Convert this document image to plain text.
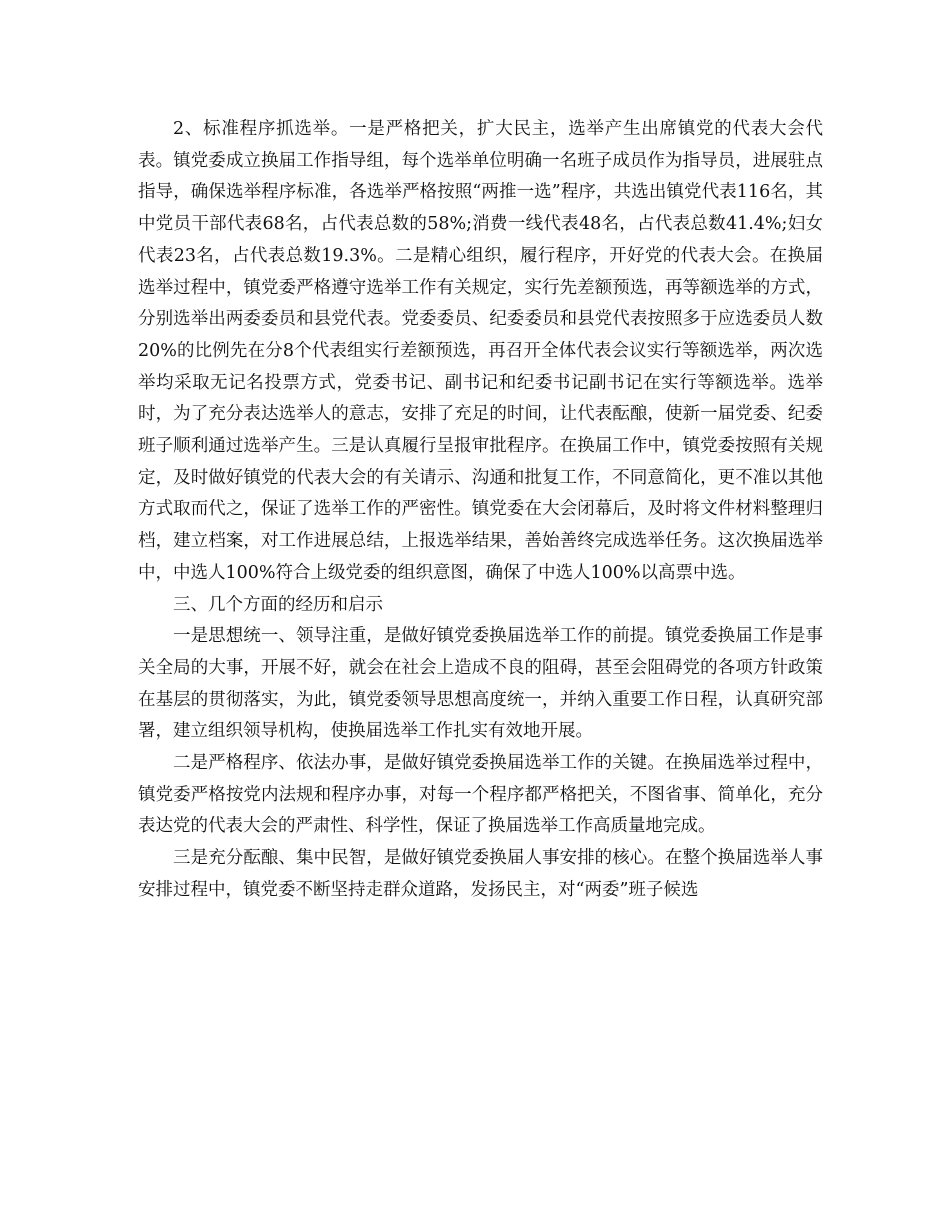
2、标准程序抓选举。一是严格把关，扩大民主，选举产生出席镇党的代表大会代表。镇党委成立换届工作指导组，每个选举单位明确一名班子成员作为指导员，进展驻点指导，确保选举程序标准，各选举严格按照“两推一选”程序，共选出镇党代表116名，其中党员干部代表68名，占代表总数的58%;消费一线代表48名，占代表总数41.4%;妇女代表23名，占代表总数19.3%。二是精心组织，履行程序，开好党的代表大会。在换届选举过程中，镇党委严格遵守选举工作有关规定，实行先差额预选，再等额选举的方式，分别选举出两委委员和县党代表。党委委员、纪委委员和县党代表按照多于应选委员人数20%的比例先在分8个代表组实行差额预选，再召开全体代表会议实行等额选举，两次选举均采取无记名投票方式，党委书记、副书记和纪委书记副书记在实行等额选举。选举时，为了充分表达选举人的意志，安排了充足的时间，让代表酝酿，使新一届党委、纪委班子顺利通过选举产生。三是认真履行呈报审批程序。在换届工作中，镇党委按照有关规定，及时做好镇党的代表大会的有关请示、沟通和批复工作，不同意简化，更不准以其他方式取而代之，保证了选举工作的严密性。镇党委在大会闭幕后，及时将文件材料整理归档，建立档案，对工作进展总结，上报选举结果，善始善终完成选举任务。这次换届选举中，中选人100%符合上级党委的组织意图，确保了中选人100%以高票中选。

三、几个方面的经历和启示

一是思想统一、领导注重，是做好镇党委换届选举工作的前提。镇党委换届工作是事关全局的大事，开展不好，就会在社会上造成不良的阻碍，甚至会阻碍党的各项方针政策在基层的贯彻落实，为此，镇党委领导思想高度统一，并纳入重要工作日程，认真研究部署，建立组织领导机构，使换届选举工作扎实有效地开展。

二是严格程序、依法办事，是做好镇党委换届选举工作的关键。在换届选举过程中，镇党委严格按党内法规和程序办事，对每一个程序都严格把关，不图省事、简单化，充分表达党的代表大会的严肃性、科学性，保证了换届选举工作高质量地完成。

三是充分酝酿、集中民智，是做好镇党委换届人事安排的核心。在整个换届选举人事安排过程中，镇党委不断坚持走群众道路，发扬民主，对“两委”班子候选
